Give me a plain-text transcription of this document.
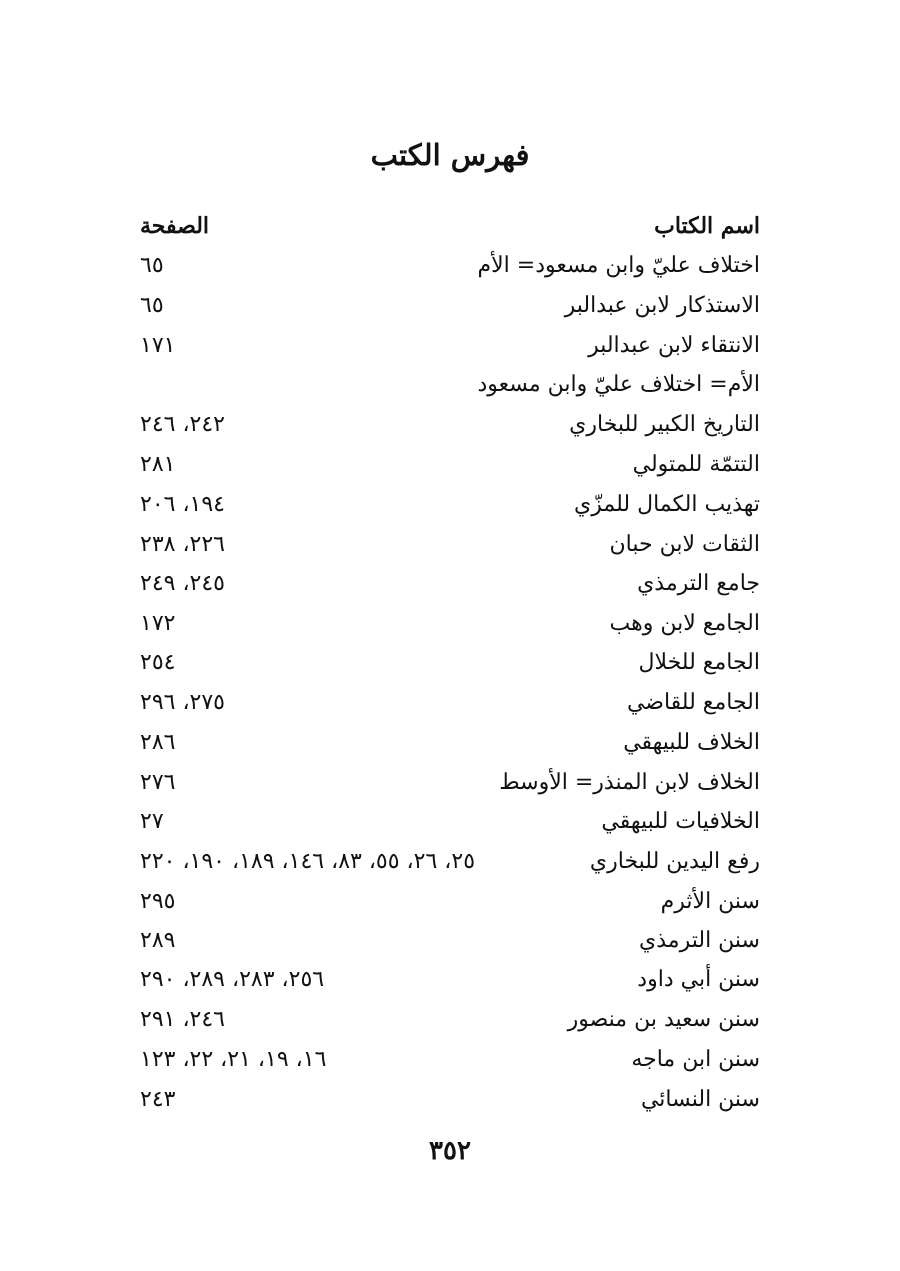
فهرس الكتب
اسم الكتاب
الصفحة
اختلاف عليّ وابن مسعود= الأم
٦٥
الاستذكار لابن عبدالبر
٦٥
الانتقاء لابن عبدالبر
١٧١
الأم= اختلاف عليّ وابن مسعود
التاريخ الكبير للبخاري
٢٤٢، ٢٤٦
التتمّة للمتولي
٢٨١
تهذيب الكمال للمزّي
١٩٤، ٢٠٦
الثقات لابن حبان
٢٢٦، ٢٣٨
جامع الترمذي
٢٤٥، ٢٤٩
الجامع لابن وهب
١٧٢
الجامع للخلال
٢٥٤
الجامع للقاضي
٢٧٥، ٢٩٦
الخلاف للبيهقي
٢٨٦
الخلاف لابن المنذر= الأوسط
٢٧٦
الخلافيات للبيهقي
٢٧
رفع اليدين للبخاري
٢٥، ٢٦، ٥٥، ٨٣، ١٤٦، ١٨٩، ١٩٠، ٢٢٠
سنن الأثرم
٢٩٥
سنن الترمذي
٢٨٩
سنن أبي داود
٢٥٦، ٢٨٣، ٢٨٩، ٢٩٠
سنن سعيد بن منصور
٢٤٦، ٢٩١
سنن ابن ماجه
١٦، ١٩، ٢١، ٢٢، ١٢٣
سنن النسائي
٢٤٣
٣٥٢
